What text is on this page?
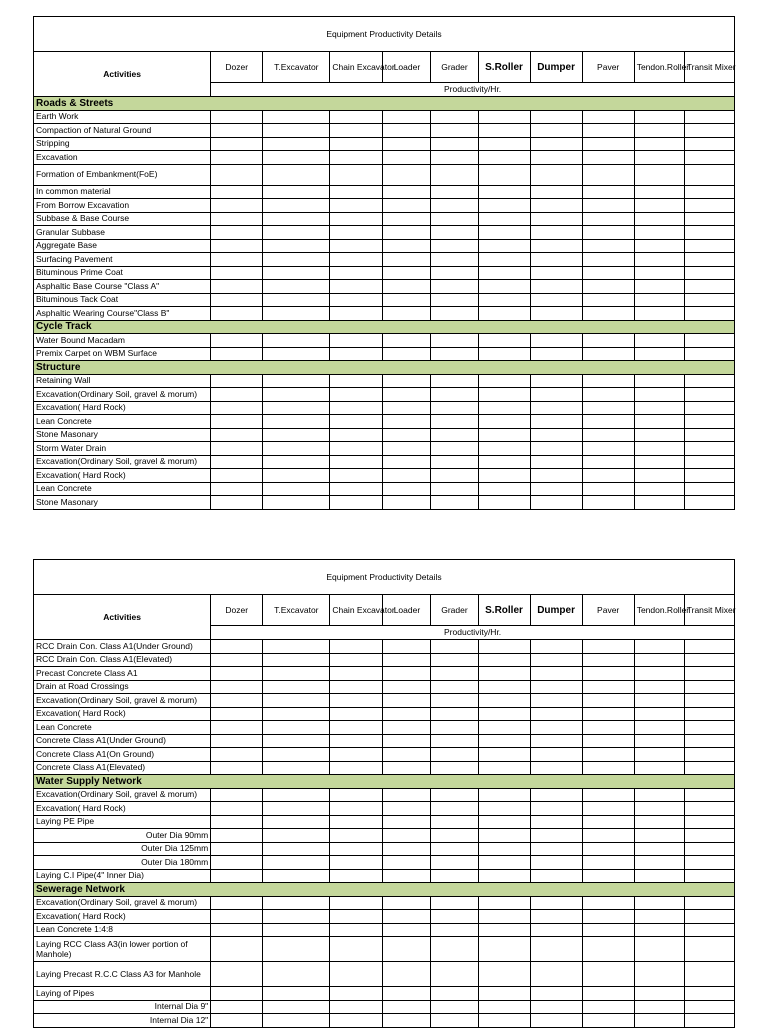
Equipment Productivity Details										
Activities	Dozer	T.Excavator	Chain Excavator	Loader	Grader	S.Roller	Dumper	Paver	Tendon.Roller	Transit Mixer
	Productivity/Hr.									
Roads & Streets										
Earth Work										
Compaction of Natural Ground										
Stripping										
Excavation										
Formation of Embankment(FoE)										
In common material										
From Borrow Excavation										
Subbase & Base Course										
Granular Subbase										
Aggregate Base										
Surfacing Pavement										
Bituminous Prime Coat										
Asphaltic Base Course "Class A"										
Bituminous Tack Coat										
Asphaltic Wearing Course"Class B"										
Cycle Track										
Water Bound Macadam										
Premix Carpet on WBM Surface										
Structure										
Retaining Wall										
Excavation(Ordinary Soil, gravel & morum)										
Excavation( Hard Rock)										
Lean Concrete										
Stone Masonary										
Storm Water Drain										
Excavation(Ordinary Soil, gravel & morum)										
Excavation( Hard Rock)										
Lean Concrete										
Stone Masonary										
Equipment Productivity Details										
Activities	Dozer	T.Excavator	Chain Excavator	Loader	Grader	S.Roller	Dumper	Paver	Tendon.Roller	Transit Mixer
	Productivity/Hr.									
RCC Drain Con. Class A1(Under Ground)										
RCC Drain Con. Class A1(Elevated)										
Precast Concrete Class A1										
Drain at Road Crossings										
Excavation(Ordinary Soil, gravel & morum)										
Excavation( Hard Rock)										
Lean Concrete										
Concrete Class A1(Under Ground)										
Concrete Class A1(On Ground)										
Concrete Class A1(Elevated)										
Water Supply Network										
Excavation(Ordinary Soil, gravel & morum)										
Excavation( Hard Rock)										
Laying PE Pipe										
Outer Dia 90mm										
Outer Dia 125mm										
Outer Dia 180mm										
Laying C.I Pipe(4" Inner Dia)										
Sewerage Network										
Excavation(Ordinary Soil, gravel & morum)										
Excavation( Hard Rock)										
Lean Concrete 1:4:8										
Laying RCC Class A3(in lower portion of Manhole)										
Laying Precast R.C.C Class A3 for Manhole										
Laying of Pipes										
Internal Dia 9"										
Internal Dia 12"										
